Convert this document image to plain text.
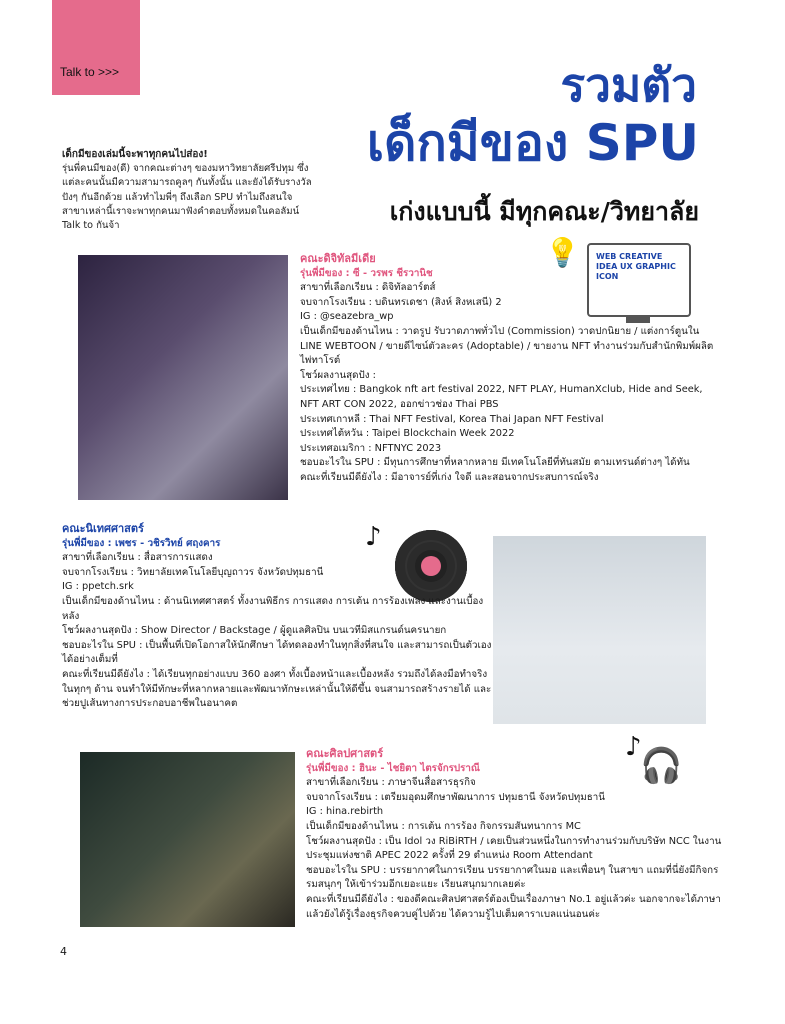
Talk to >>>	รวมตัว
เด็กมีของ SPU
เก่งแบบนี้ มีทุกคณะ/วิทยาลัย
เด็กมีของเล่มนี้จะพาทุกคนไปส่อง!
รุ่นพี่คนมีของ(ดี) จากคณะต่างๆ ของมหาวิทยาลัยศรีปทุม ซึ่งแต่ละคนนั้นมีความสามารถคูลๆ กันทั้งนั้น และยังได้รับรางวัลปังๆ กันอีกด้วย แล้วทำไมพี่ๆ ถึงเลือก SPU ทำไมถึงสนใจสาขาเหล่านี้เราจะพาทุกคนมาฟังคำตอบทั้งหมดในคอลัมน์ Talk to กันจ้า
💡 WEB CREATIVE IDEA UX GRAPHIC ICON

คณะดิจิทัลมีเดีย

รุ่นพี่มีของ : ซี - วรพร ชีรวานิช

สาขาที่เลือกเรียน : ดิจิทัลอาร์ตส์

จบจากโรงเรียน : บดินทรเดชา (สิงห์ สิงหเสนี) 2

IG : @seazebra_wp

เป็นเด็กมีของด้านไหน : วาดรูป รับวาดภาพทั่วไป (Commission) วาดปกนิยาย / แต่งการ์ตูนใน LINE WEBTOON / ขายดีไซน์ตัวละคร (Adoptable) / ขายงาน NFT ทำงานร่วมกับสำนักพิมพ์ผลิตไพ่ทาโรต์

โชว์ผลงานสุดปัง :

ประเทศไทย : Bangkok nft art festival 2022, NFT PLAY, HumanXclub, Hide and Seek, NFT ART CON 2022, ออกข่าวช่อง Thai PBS

ประเทศเกาหลี : Thai NFT Festival, Korea Thai Japan NFT Festival

ประเทศไต้หวัน : Taipei Blockchain Week 2022

ประเทศอเมริกา : NFTNYC 2023

ชอบอะไรใน SPU : มีทุนการศึกษาที่หลากหลาย มีเทคโนโลยีที่ทันสมัย ตามเทรนด์ต่างๆ ได้ทัน

คณะที่เรียนมีดียังไง : มีอาจารย์ที่เก่ง ใจดี และสอนจากประสบการณ์จริง

♪

คณะนิเทศศาสตร์

รุ่นพี่มีของ : เพชร - วชิรวิทย์ ศฤงคาร

สาขาที่เลือกเรียน : สื่อสารการแสดง

จบจากโรงเรียน : วิทยาลัยเทคโนโลยีบุญถาวร จังหวัดปทุมธานี

IG : ppetch.srk

เป็นเด็กมีของด้านไหน : ด้านนิเทศศาสตร์ ทั้งงานพิธีกร การแสดง การเต้น การร้องเพลง และงานเบื้องหลัง

โชว์ผลงานสุดปัง : Show Director / Backstage / ผู้ดูแลศิลปิน บนเวทีมิสแกรนด์นครนายก

ชอบอะไรใน SPU : เป็นพื้นที่เปิดโอกาสให้นักศึกษา ได้ทดลองทำในทุกสิ่งที่สนใจ และสามารถเป็นตัวเองได้อย่างเต็มที่

คณะที่เรียนมีดียังไง : ได้เรียนทุกอย่างแบบ 360 องศา ทั้งเบื้องหน้าและเบื้องหลัง รวมถึงได้ลงมือทำจริงในทุกๆ ด้าน จนทำให้มีทักษะที่หลากหลายและพัฒนาทักษะเหล่านั้นให้ดีขึ้น จนสามารถสร้างรายได้ และช่วยปูเส้นทางการประกอบอาชีพในอนาคต

♪
🎧

คณะศิลปศาสตร์

รุ่นพี่มีของ : ฮินะ - ไชยิตา ไตรจักรปราณี

สาขาที่เลือกเรียน : ภาษาจีนสื่อสารธุรกิจ

จบจากโรงเรียน : เตรียมอุดมศึกษาพัฒนาการ ปทุมธานี จังหวัดปทุมธานี

IG : hina.rebirth

เป็นเด็กมีของด้านไหน : การเต้น การร้อง กิจกรรมสันทนาการ MC

โชว์ผลงานสุดปัง : เป็น Idol วง RiBiRTH / เคยเป็นส่วนหนึ่งในการทำงานร่วมกับบริษัท NCC ในงานประชุมแห่งชาติ APEC 2022 ครั้งที่ 29 ตำแหน่ง Room Attendant

ชอบอะไรใน SPU : บรรยากาศในการเรียน บรรยากาศในมอ และเพื่อนๆ ในสาขา แถมที่นี่ยังมีกิจกรรมสนุกๆ ให้เข้าร่วมอีกเยอะแยะ เรียนสนุกมากเลยค่ะ

คณะที่เรียนมีดียังไง : ของดีคณะศิลปศาสตร์ต้องเป็นเรื่องภาษา No.1 อยู่แล้วค่ะ นอกจากจะได้ภาษาแล้วยังได้รู้เรื่องธุรกิจควบคู่ไปด้วย ได้ความรู้ไปเต็มคาราเบลแน่นอนค่ะ

4
